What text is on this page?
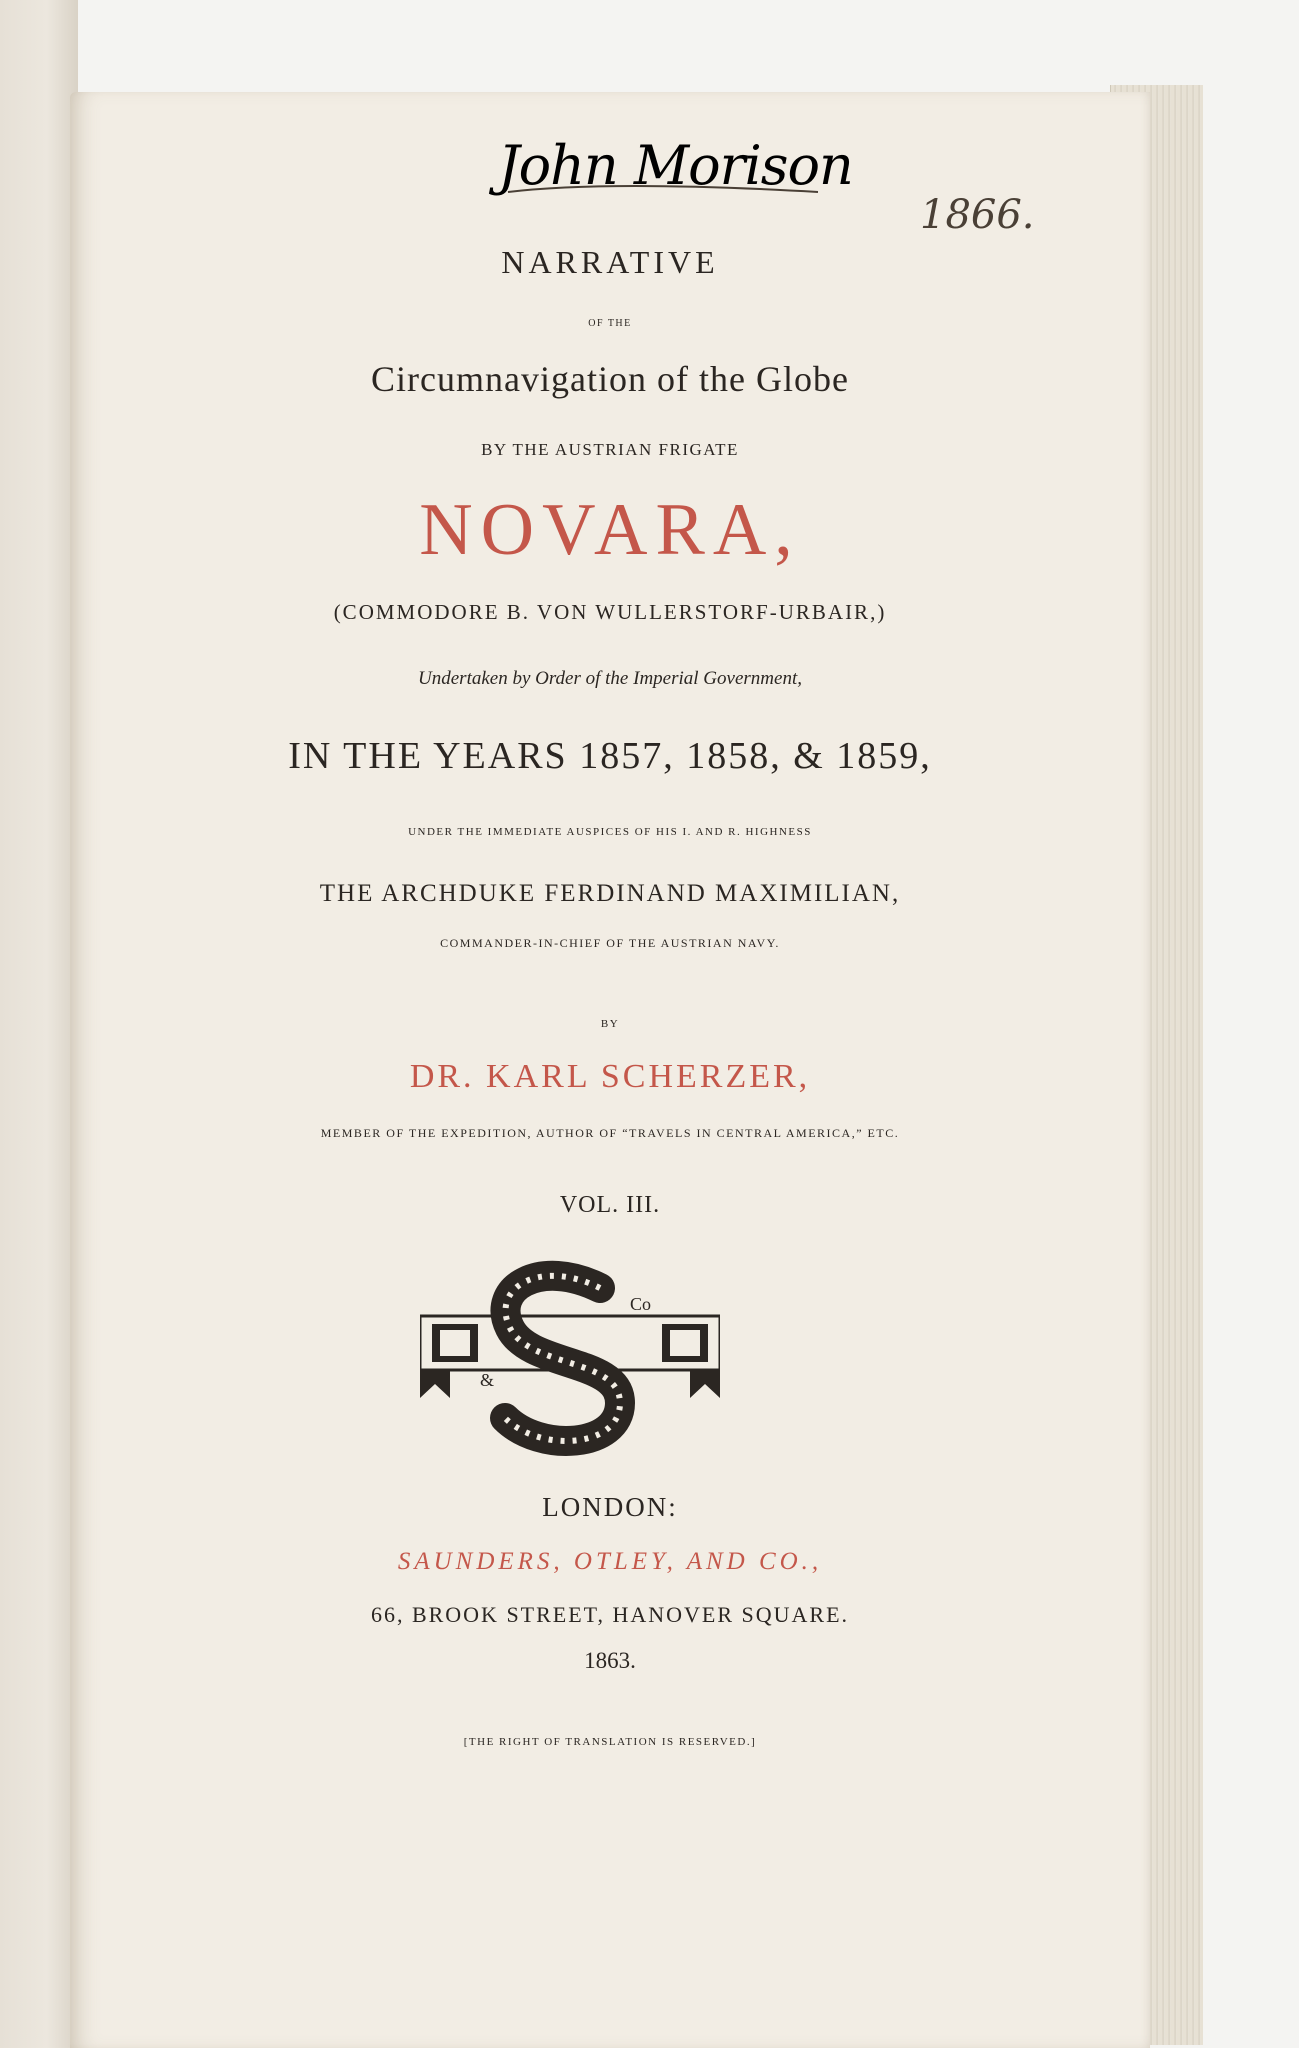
John Morison
1866.
NARRATIVE
OF THE
Circumnavigation of the Globe
BY THE AUSTRIAN FRIGATE
NOVARA,
(COMMODORE B. VON WULLERSTORF-URBAIR,)
Undertaken by Order of the Imperial Government,
IN THE YEARS 1857, 1858, & 1859,
UNDER THE IMMEDIATE AUSPICES OF HIS I. AND R. HIGHNESS
THE ARCHDUKE FERDINAND MAXIMILIAN,
COMMANDER-IN-CHIEF OF THE AUSTRIAN NAVY.
BY
DR. KARL SCHERZER,
MEMBER OF THE EXPEDITION, AUTHOR OF “TRAVELS IN CENTRAL AMERICA,” ETC.
VOL. III.
Co
&
LONDON:
SAUNDERS, OTLEY, AND CO.,
66, BROOK STREET, HANOVER SQUARE.
1863.
[THE RIGHT OF TRANSLATION IS RESERVED.]
